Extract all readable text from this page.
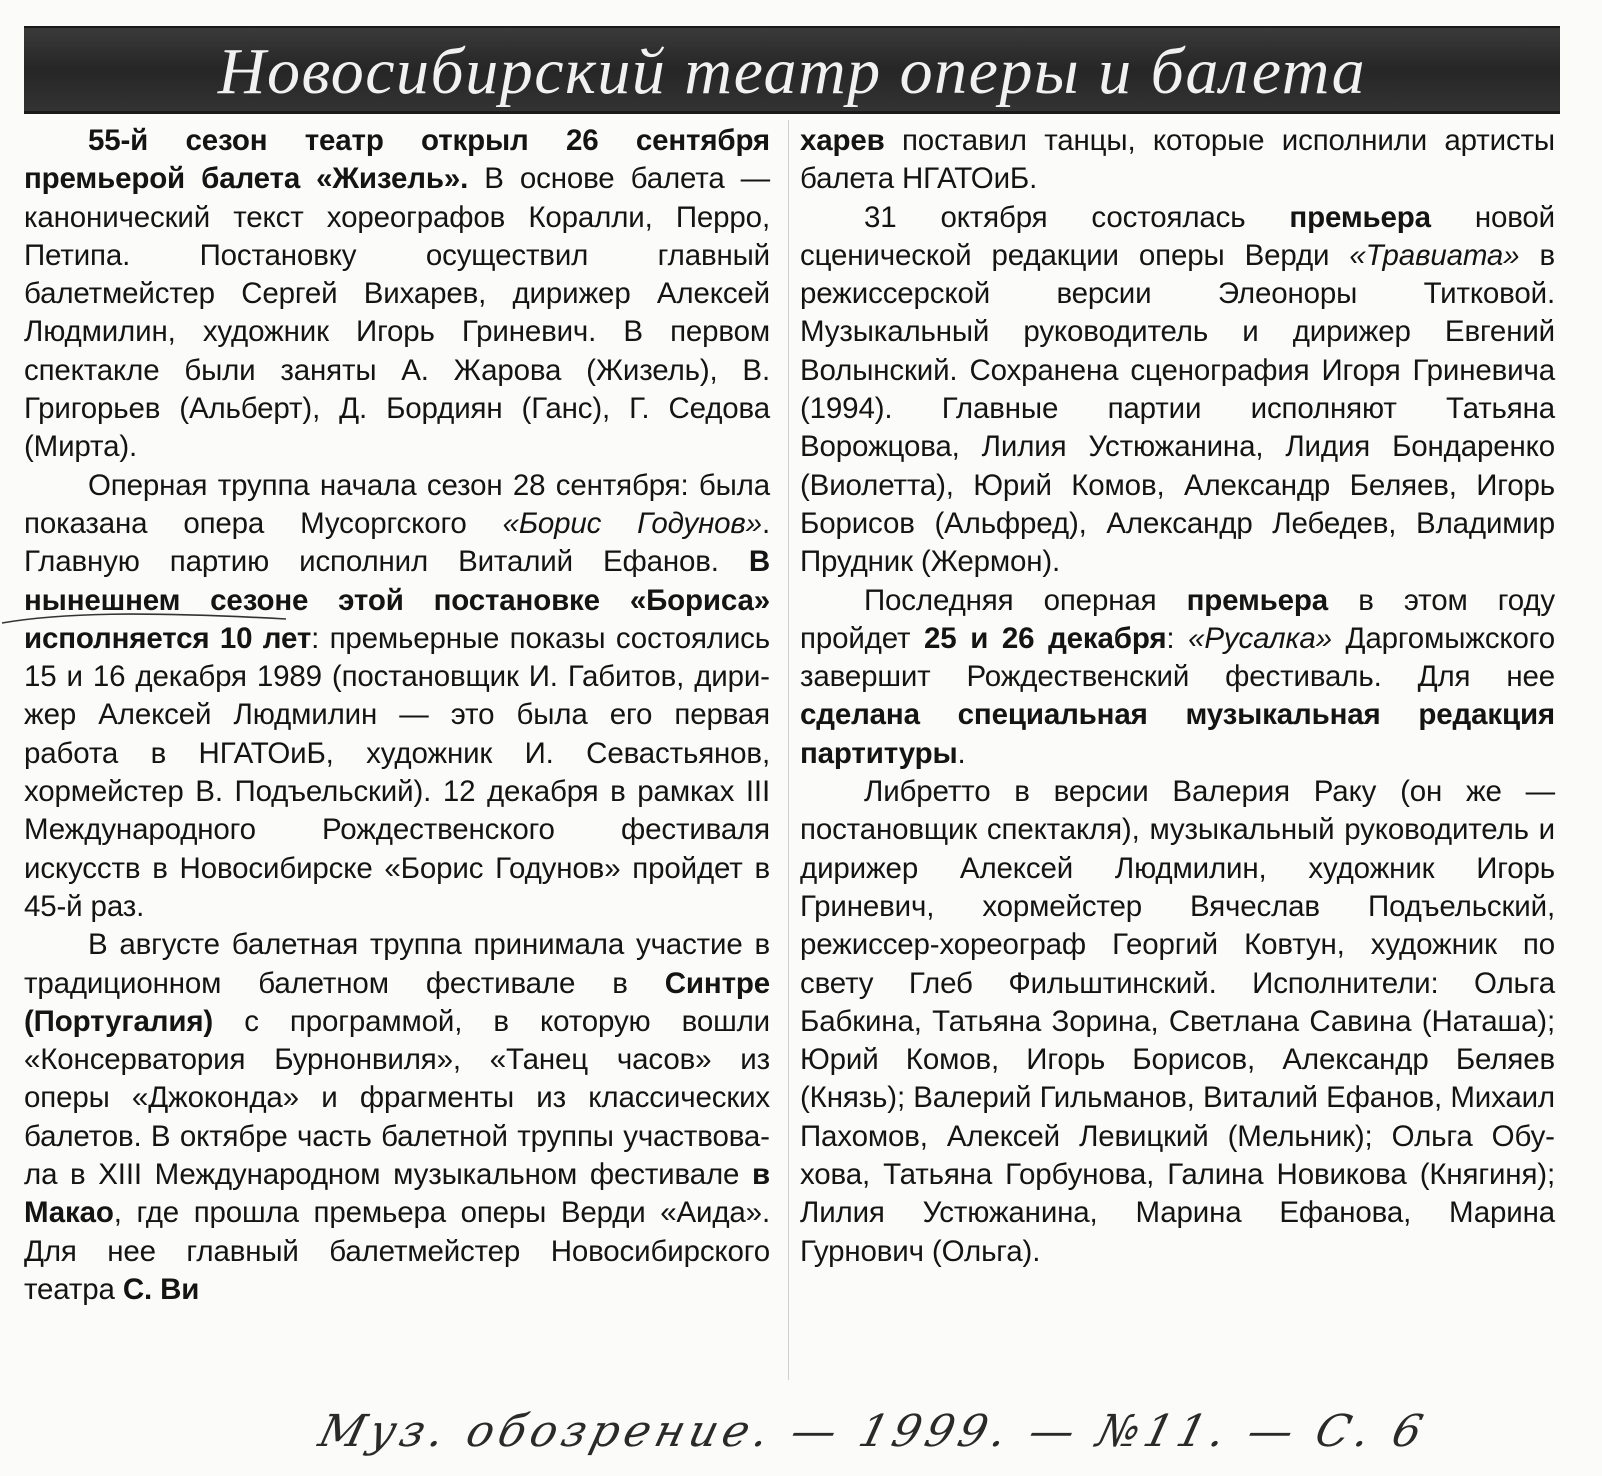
Новосибирский театр оперы и балета

55-й сезон театр открыл 26 сентября премьерой балета «Жизель». В основе балета — канонический текст хореографов Коралли, Перро, Петипа. Постановку осуществил главный балетмейстер Сергей Вихарев, дирижер Алексей Людмилин, художник Игорь Гриневич. В первом спектакле были заняты А. Жарова (Жизель), В. Григорьев (Альберт), Д. Бордиян (Ганс), Г. Седова (Мирта).

Оперная труппа начала сезон 28 сентября: была показана опера Мусоргского «Борис Годунов». Главную партию исполнил Виталий Ефанов. В нынешнем сезоне этой постановке «Бориса» исполняется 10 лет: премьерные показы состоялись 15 и 16 декабря 1989 (постановщик И. Габитов, дирижер Алексей Людмилин — это была его первая работа в НГАТОиБ, художник И. Севастьянов, хормейстер В. Подъельский). 12 декабря в рамках III Международного Рождественского фестиваля искусств в Новосибирске «Борис Годунов» пройдет в 45-й раз.

В августе балетная труппа принимала участие в традиционном балетном фестивале в Синтре (Португалия) с программой, в которую вошли «Консерватория Бурнонвиля», «Танец часов» из оперы «Джоконда» и фрагменты из классических балетов. В октябре часть балетной труппы участвовала в XIII Международном музыкальном фестивале в Макао, где прошла премьера оперы Верди «Аида». Для нее главный балетмейстер Новосибирского театра С. Ви

харев поставил танцы, которые исполнили артисты балета НГАТОиБ.

31 октября состоялась премьера новой сценической редакции оперы Верди «Травиата» в режиссерской версии Элеоноры Титковой. Музыкальный руководитель и дирижер Евгений Волынский. Сохранена сценография Игоря Гриневича (1994). Главные партии исполняют Татьяна Ворожцова, Лилия Устюжанина, Лидия Бондаренко (Виолетта), Юрий Комов, Александр Беляев, Игорь Борисов (Альфред), Александр Лебедев, Владимир Прудник (Жермон).

Последняя оперная премьера в этом году пройдет 25 и 26 декабря: «Русалка» Даргомыжского завершит Рождественский фестиваль. Для нее сделана специальная музыкальная редакция партитуры.

Либретто в версии Валерия Раку (он же — постановщик спектакля), музыкальный руководитель и дирижер Алексей Людмилин, художник Игорь Гриневич, хормейстер Вячеслав Подъельский, режиссер-хореограф Георгий Ковтун, художник по свету Глеб Фильштинский. Исполнители: Ольга Бабкина, Татьяна Зорина, Светлана Савина (Наташа); Юрий Комов, Игорь Борисов, Александр Беляев (Князь); Валерий Гильманов, Виталий Ефанов, Михаил Пахомов, Алексей Левицкий (Мельник); Ольга Обухова, Татьяна Горбунова, Галина Новикова (Княгиня); Лилия Устюжанина, Марина Ефанова, Марина Гурнович (Ольга).

Муз. обозрение. — 1999. — №11. — С. 6
